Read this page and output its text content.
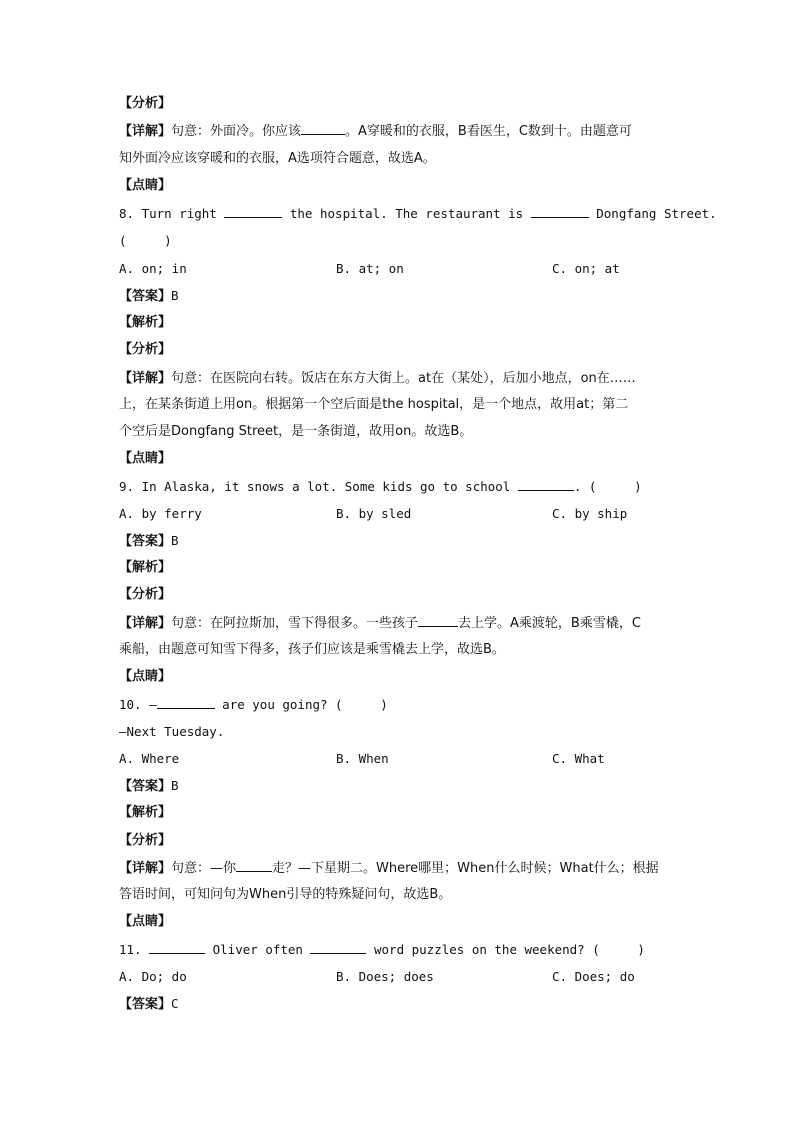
【分析】
【详解】句意：外面冷。你应该	。A穿暖和的衣服，B看医生，C数到十。由题意可
知外面冷应该穿暖和的衣服，A选项符合题意，故选A。
【点睛】
8. Turn right	the hospital. The restaurant is	Dongfang Street.
(     )
A. on; in	B. at; on	C. on; at
【答案】B
【解析】
【分析】
【详解】句意：在医院向右转。饭店在东方大街上。at在（某处），后加小地点，on在……
上，在某条街道上用on。根据第一个空后面是the hospital，是一个地点，故用at；第二
个空后是Dongfang Street，是一条街道，故用on。故选B。
【点睛】
9. In Alaska, it snows a lot. Some kids go to school	. (     )
A. by ferry	B. by sled	C. by ship
【答案】B
【解析】
【分析】
【详解】句意：在阿拉斯加，雪下得很多。一些孩子	去上学。A乘渡轮，B乘雪橇，C
乘船，由题意可知雪下得多，孩子们应该是乘雪橇去上学，故选B。
【点睛】
10. —	are you going? (     )
—Next Tuesday.
A. Where	B. When	C. What
【答案】B
【解析】
【分析】
【详解】句意：—你	走？—下星期二。Where哪里；When什么时候；What什么；根据
答语时间，可知问句为When引导的特殊疑问句，故选B。
【点睛】
11.	Oliver often	word puzzles on the weekend? (     )
A. Do; do	B. Does; does	C. Does; do
【答案】C
